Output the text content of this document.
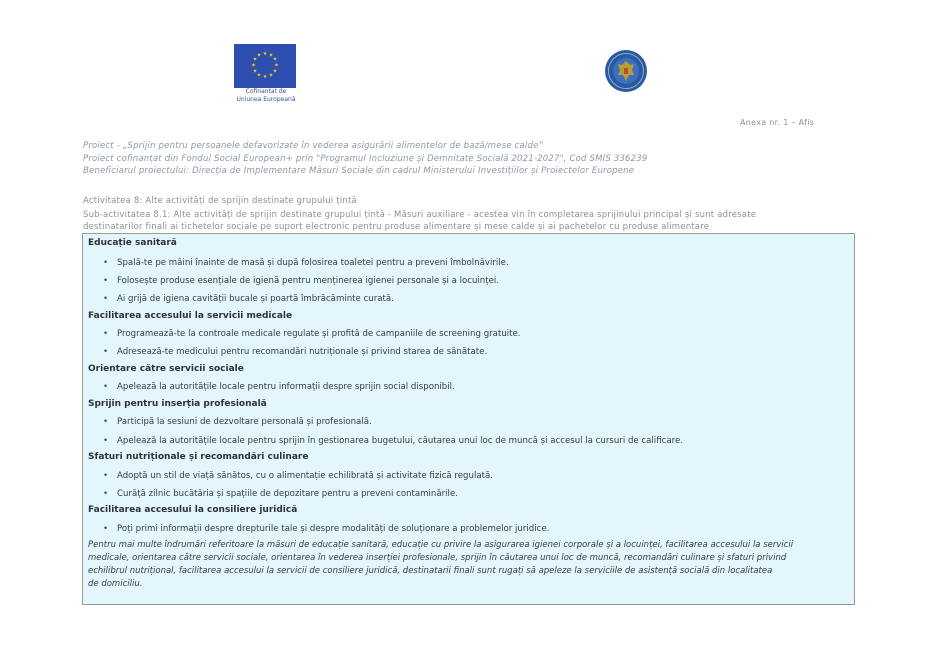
★ ★
★
★
★
★
★
★
★
★
★
★
Cofinanțat de
Uniunea Europeană
Anexa nr. 1 – Afiș
Proiect - „Sprijin pentru persoanele defavorizate în vederea asigurării alimentelor de bază/mese calde”
Proiect cofinanțat din Fondul Social European+ prin "Programul Incluziune și Demnitate Socială 2021-2027", Cod SMIS 336239
Beneficiarul proiectului: Direcția de Implementare Măsuri Sociale din cadrul Ministerului Investițiilor și Proiectelor Europene
Activitatea 8: Alte activități de sprijin destinate grupului țintă
Sub-activitatea 8.1: Alte activități de sprijin destinate grupului țintă - Măsuri auxiliare - acestea vin în completarea sprijinului principal și sunt adresate
destinatarilor finali ai tichetelor sociale pe suport electronic pentru produse alimentare și mese calde și ai pachetelor cu produse alimentare
Educație sanitară
• Spală-te pe mâini înainte de masă și după folosirea toaletei pentru a preveni îmbolnăvirile.
• Folosește produse esențiale de igienă pentru menținerea igienei personale și a locuinței.
• Ai grijă de igiena cavității bucale și poartă îmbrăcăminte curată.
Facilitarea accesului la servicii medicale
• Programează-te la controale medicale regulate și profită de campaniile de screening gratuite.
• Adresează-te medicului pentru recomandări nutriționale și privind starea de sănătate.
Orientare către servicii sociale
• Apelează la autoritățile locale pentru informații despre sprijin social disponibil.
Sprijin pentru inserția profesională
• Participă la sesiuni de dezvoltare personală și profesională.
• Apelează la autoritățile locale pentru sprijin în gestionarea bugetului, căutarea unui loc de muncă și accesul la cursuri de calificare.
Sfaturi nutriționale și recomandări culinare
• Adoptă un stil de viață sănătos, cu o alimentație echilibrată și activitate fizică regulată.
• Curăță zilnic bucătăria și spațiile de depozitare pentru a preveni contaminările.
Facilitarea accesului la consiliere juridică
• Poți primi informații despre drepturile tale și despre modalități de soluționare a problemelor juridice.
Pentru mai multe îndrumări referitoare la măsuri de educație sanitară, educație cu privire la asigurarea igienei corporale și a locuinței, facilitarea accesului la servicii
medicale, orientarea către servicii sociale, orientarea în vederea inserției profesionale, sprijin în căutarea unui loc de muncă, recomandări culinare și sfaturi privind
echilibrul nutrițional, facilitarea accesului la servicii de consiliere juridică, destinatarii finali sunt rugați să apeleze la serviciile de asistență socială din localitatea
de domiciliu.
